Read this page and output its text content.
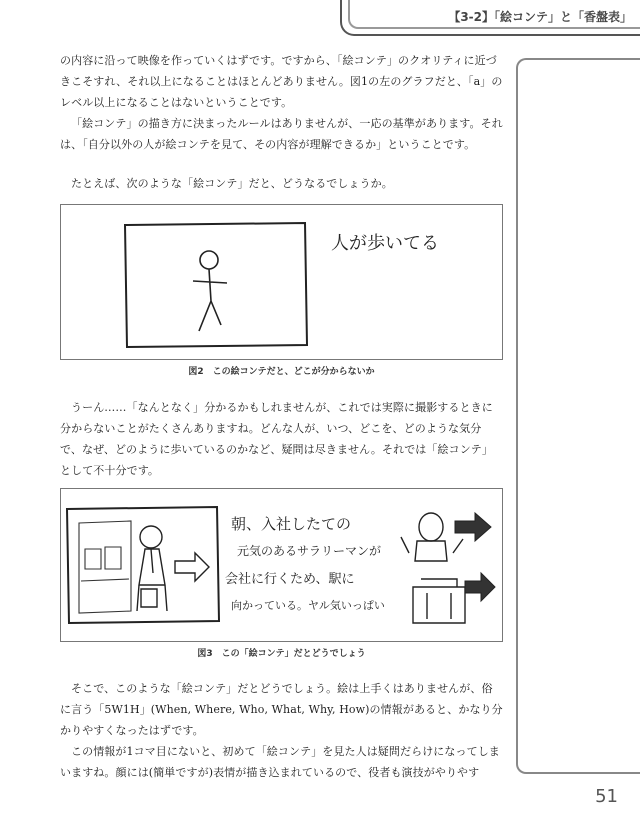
【3-2】「絵コンテ」と「香盤表」

の内容に沿って映像を作っていくはずです。ですから、「絵コンテ」のクオリティに近づきこそすれ、それ以上になることはほとんどありません。図1の左のグラフだと、「a」のレベル以上になることはないということです。

「絵コンテ」の描き方に決まったルールはありませんが、一応の基準があります。それは、「自分以外の人が絵コンテを見て、その内容が理解できるか」ということです。

たとえば、次のような「絵コンテ」だと、どうなるでしょうか。

人が歩いてる
図2　この絵コンテだと、どこが分からないか

うーん……「なんとなく」分かるかもしれませんが、これでは実際に撮影するときに分からないことがたくさんありますね。どんな人が、いつ、どこを、どのような気分で、なぜ、どのように歩いているのかなど、疑問は尽きません。それでは「絵コンテ」として不十分です。

朝、入社したての
元気のあるサラリーマンが
会社に行くため、駅に
向かっている。ヤル気いっぱい
図3　この「絵コンテ」だとどうでしょう

そこで、このような「絵コンテ」だとどうでしょう。絵は上手くはありませんが、俗に言う「5W1H」(When, Where, Who, What, Why, How)の情報があると、かなり分かりやすくなったはずです。

この情報が1コマ目にないと、初めて「絵コンテ」を見た人は疑問だらけになってしまいますね。顔には(簡単ですが)表情が描き込まれているので、役者も演技がやりやす

51
